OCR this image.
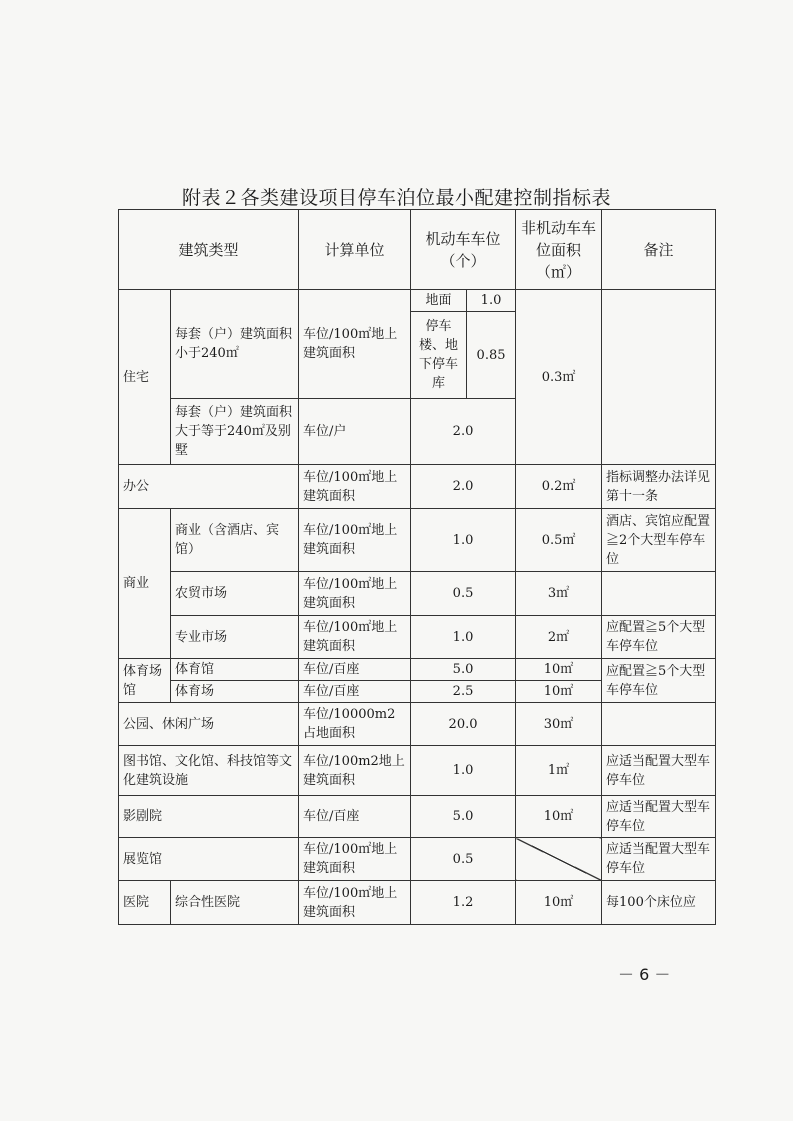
附表２各类建设项目停车泊位最小配建控制指标表
建筑类型		计算单位	机动车车位（个）		非机动车车位面积（㎡）	备注
住宅	每套（户）建筑面积小于240㎡	车位/100㎡地上建筑面积	地面	1.0	0.3㎡	
			停车楼、地下停车库	0.85		
	每套（户）建筑面积大于等于240㎡及别墅	车位/户	2.0			
办公		车位/100㎡地上建筑面积	2.0		0.2㎡	指标调整办法详见第十一条
商业	商业（含酒店、宾馆）	车位/100㎡地上建筑面积	1.0		0.5㎡	酒店、宾馆应配置≧2个大型车停车位
	农贸市场	车位/100㎡地上建筑面积	0.5		3㎡	
	专业市场	车位/100㎡地上建筑面积	1.0		2㎡	应配置≧5个大型车停车位
体育场馆	体育馆	车位/百座	5.0		10㎡	应配置≧5个大型车停车位
	体育场	车位/百座	2.5		10㎡	
公园、休闲广场		车位/10000m2占地面积	20.0		30㎡	
图书馆、文化馆、科技馆等文化建筑设施		车位/100m2地上建筑面积	1.0		1㎡	应适当配置大型车停车位
影剧院		车位/百座	5.0		10㎡	应适当配置大型车停车位
展览馆		车位/100㎡地上建筑面积	0.5			应适当配置大型车停车位
医院	综合性医院	车位/100㎡地上建筑面积	1.2		10㎡	每100个床位应
－ 6 －
